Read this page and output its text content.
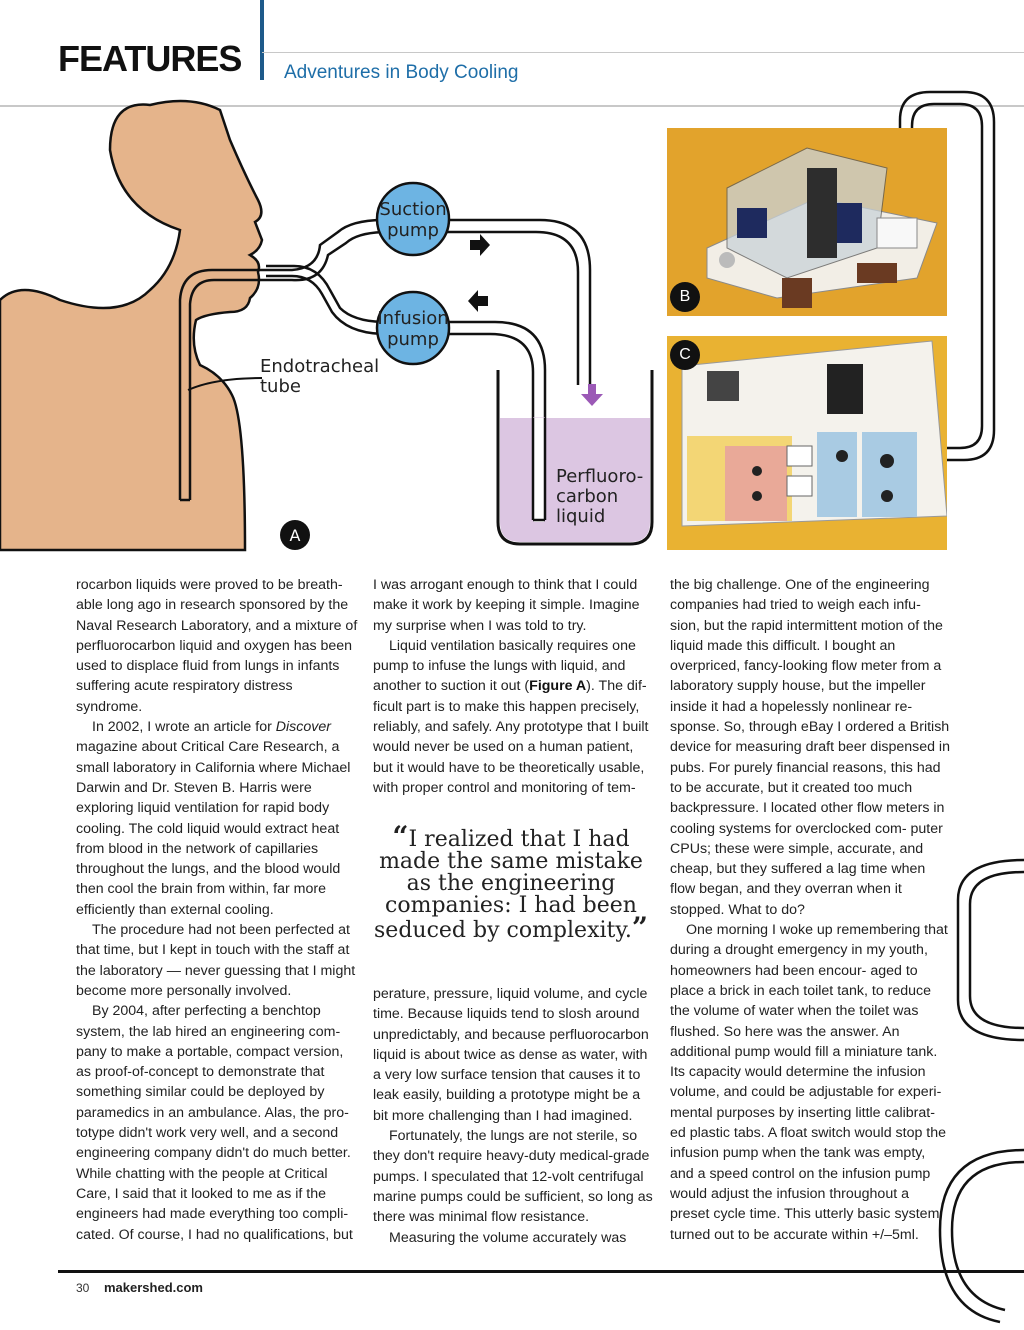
FEATURES Adventures in Body Cooling
Suction
pump
Infusion
pump
Endotracheal
tube
Perfluoro-
carbon
liquid
A
B
C

rocarbon liquids were proved to be breath- able long ago in research sponsored by the Naval Research Laboratory, and a mixture of perfluorocarbon liquid and oxygen has been used to displace fluid from lungs in infants suffering acute respiratory distress syndrome.

In 2002, I wrote an article for Discover magazine about Critical Care Research, a small laboratory in California where Michael Darwin and Dr. Steven B. Harris were exploring liquid ventilation for rapid body cooling. The cold liquid would extract heat from blood in the network of capillaries throughout the lungs, and the blood would then cool the brain from within, far more efficiently than external cooling.

The procedure had not been perfected at that time, but I kept in touch with the staff at the laboratory — never guessing that I might become more personally involved.

By 2004, after perfecting a benchtop system, the lab hired an engineering com- pany to make a portable, compact version, as proof-of-concept to demonstrate that something similar could be deployed by paramedics in an ambulance. Alas, the pro- totype didn't work very well, and a second engineering company didn't do much better. While chatting with the people at Critical Care, I said that it looked to me as if the engineers had made everything too compli- cated. Of course, I had no qualifications, but

I was arrogant enough to think that I could make it work by keeping it simple. Imagine my surprise when I was told to try.

Liquid ventilation basically requires one pump to infuse the lungs with liquid, and another to suction it out (Figure A). The dif- ficult part is to make this happen precisely, reliably, and safely. Any prototype that I built would never be used on a human patient, but it would have to be theoretically usable, with proper control and monitoring of tem-

“I realized that I had made the same mistake as the engineering companies: I had been seduced by complexity.”

perature, pressure, liquid volume, and cycle time. Because liquids tend to slosh around unpredictably, and because perfluorocarbon liquid is about twice as dense as water, with a very low surface tension that causes it to leak easily, building a prototype might be a bit more challenging than I had imagined.

Fortunately, the lungs are not sterile, so they don't require heavy-duty medical-grade pumps. I speculated that 12-volt centrifugal marine pumps could be sufficient, so long as there was minimal flow resistance.

Measuring the volume accurately was

the big challenge. One of the engineering companies had tried to weigh each infu- sion, but the rapid intermittent motion of the liquid made this difficult. I bought an overpriced, fancy-looking flow meter from a laboratory supply house, but the impeller inside it had a hopelessly nonlinear re- sponse. So, through eBay I ordered a British device for measuring draft beer dispensed in pubs. For purely financial reasons, this had to be accurate, but it created too much backpressure. I located other flow meters in cooling systems for overclocked com- puter CPUs; these were simple, accurate, and cheap, but they suffered a lag time when flow began, and they overran when it stopped. What to do?

One morning I woke up remembering that during a drought emergency in my youth, homeowners had been encour- aged to place a brick in each toilet tank, to reduce the volume of water when the toilet was flushed. So here was the answer. An additional pump would fill a miniature tank. Its capacity would determine the infusion volume, and could be adjustable for experi- mental purposes by inserting little calibrat- ed plastic tabs. A float switch would stop the infusion pump when the tank was empty, and a speed control on the infusion pump would adjust the infusion throughout a preset cycle time. This utterly basic system turned out to be accurate within +/–5ml.

30 makershed.com
